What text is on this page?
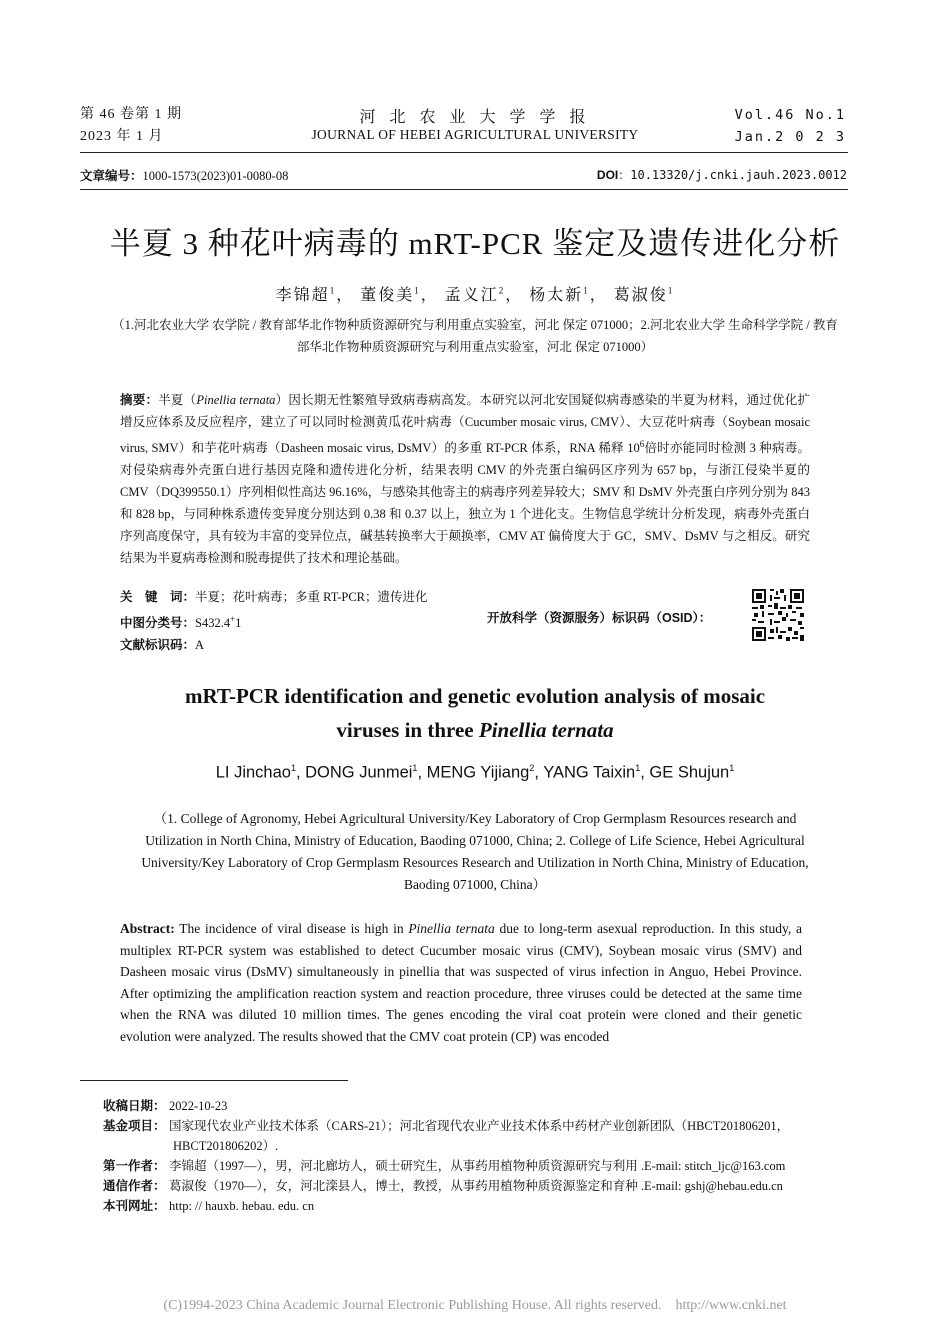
第 46 卷第 1 期
2023 年 1 月
河 北 农 业 大 学 学 报
JOURNAL OF HEBEI AGRICULTURAL UNIVERSITY
Vol.46 No.1
Jan.2 0 2 3
文章编号：1000-1573(2023)01-0080-08	DOI：10.13320/j.cnki.jauh.2023.0012
半夏 3 种花叶病毒的 mRT-PCR 鉴定及遗传进化分析
李锦超$^1$， 董俊美$^1$， 孟义江$^2$， 杨太新$^1$， 葛淑俊$^1$
（1.河北农业大学 农学院 / 教育部华北作物种质资源研究与利用重点实验室，河北 保定 071000；2.河北农业大学 生命科学学院 / 教育部华北作物种质资源研究与利用重点实验室，河北 保定 071000）
摘要：半夏（Pinellia ternata）因长期无性繁殖导致病毒病高发。本研究以河北安国疑似病毒感染的半夏为材料，通过优化扩增反应体系及反应程序，建立了可以同时检测黄瓜花叶病毒（Cucumber mosaic virus, CMV）、大豆花叶病毒（Soybean mosaic virus, SMV）和芋花叶病毒（Dasheen mosaic virus, DsMV）的多重 RT-PCR 体系，RNA 稀释 $10^6$倍时亦能同时检测 3 种病毒。对侵染病毒外壳蛋白进行基因克隆和遗传进化分析，结果表明 CMV 的外壳蛋白编码区序列为 657 bp，与浙江侵染半夏的 CMV（DQ399550.1）序列相似性高达 96.16%，与感染其他寄主的病毒序列差异较大；SMV 和 DsMV 外壳蛋白序列分别为 843 和 828 bp，与同种株系遗传变异度分别达到 0.38 和 0.37 以上，独立为 1 个进化支。生物信息学统计分析发现，病毒外壳蛋白序列高度保守，具有较为丰富的变异位点，碱基转换率大于颠换率，CMV AT 偏倚度大于 GC，SMV、DsMV 与之相反。研究结果为半夏病毒检测和脱毒提供了技术和理论基础。
关　键　词：半夏；花叶病毒；多重 RT-PCR；遗传进化
中图分类号：S432.4+1
文献标识码：A
开放科学（资源服务）标识码（OSID）：
mRT-PCR identification and genetic evolution analysis of mosaic
viruses in three Pinellia ternata
LI Jinchao$^1$, DONG Junmei$^1$, MENG Yijiang$^2$, YANG Taixin$^1$, GE Shujun$^1$
（1. College of Agronomy, Hebei Agricultural University/Key Laboratory of Crop Germplasm Resources research and Utilization in North China, Ministry of Education, Baoding 071000, China; 2. College of Life Science, Hebei Agricultural University/Key Laboratory of Crop Germplasm Resources Research and Utilization in North China, Ministry of Education, Baoding 071000, China）
Abstract: The incidence of viral disease is high in Pinellia ternata due to long-term asexual reproduction. In this study, a multiplex RT-PCR system was established to detect Cucumber mosaic virus (CMV), Soybean mosaic virus (SMV) and Dasheen mosaic virus (DsMV) simultaneously in pinellia that was suspected of virus infection in Anguo, Hebei Province. After optimizing the amplification reaction system and reaction procedure, three viruses could be detected at the same time when the RNA was diluted 10 million times. The genes encoding the viral coat protein were cloned and their genetic evolution were analyzed. The results showed that the CMV coat protein (CP) was encoded
收稿日期： 2022-10-23
基金项目： 国家现代农业产业技术体系（CARS-21）；河北省现代农业产业技术体系中药材产业创新团队（HBCT201806201，
HBCT201806202）.
第一作者： 李锦超（1997—），男，河北廊坊人，硕士研究生，从事药用植物种质资源研究与利用 .E-mail: stitch_ljc@163.com
通信作者： 葛淑俊（1970—），女，河北滦县人，博士，教授，从事药用植物种质资源鉴定和育种 .E-mail: gshj@hebau.edu.cn
本刊网址： http: // hauxb. hebau. edu. cn
(C)1994-2023 China Academic Journal Electronic Publishing House. All rights reserved.    http://www.cnki.net
